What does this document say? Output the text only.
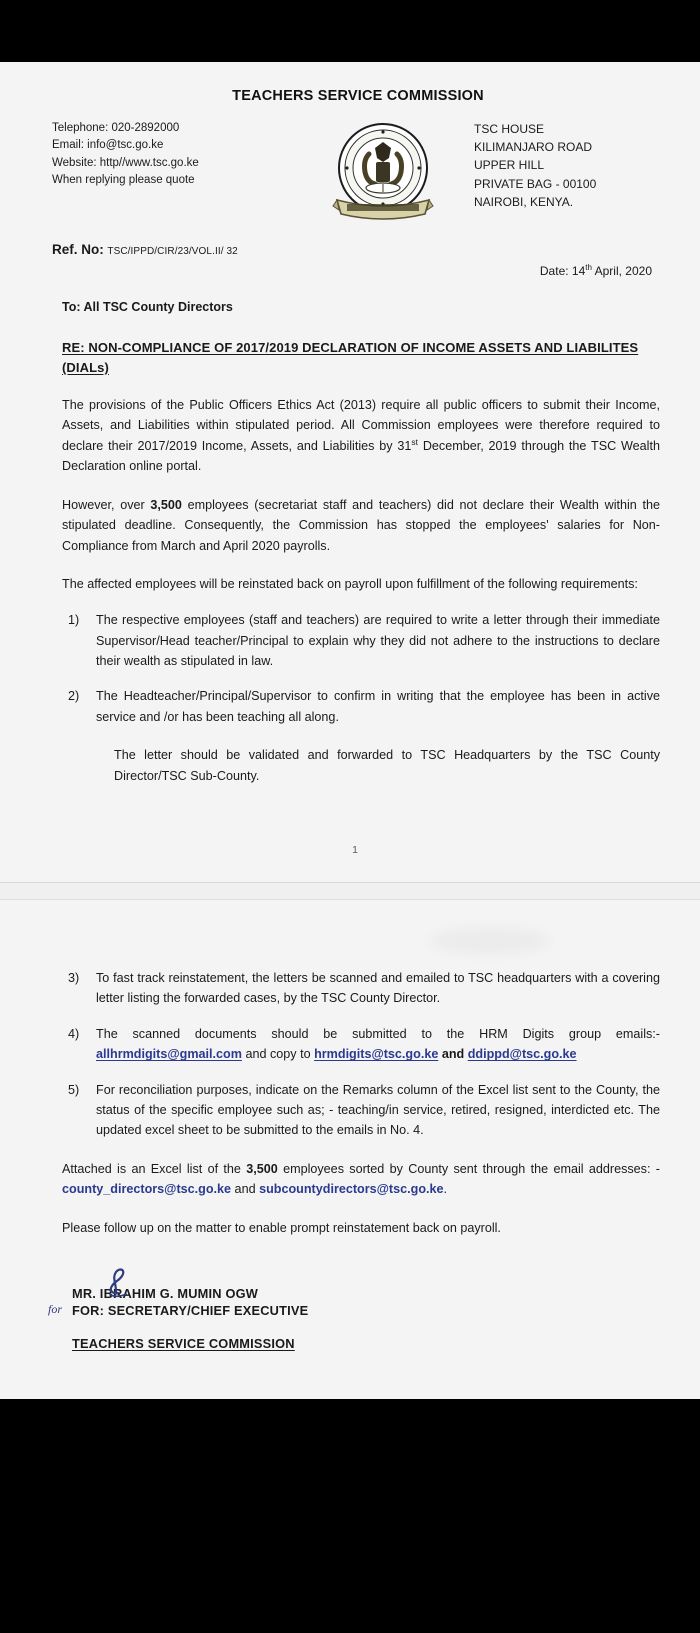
TEACHERS SERVICE COMMISSION
Telephone: 020-2892000
Email: info@tsc.go.ke
Website: http//www.tsc.go.ke
When replying please quote
TSC HOUSE
KILIMANJARO ROAD
UPPER HILL
PRIVATE BAG - 00100
NAIROBI, KENYA.
Ref. No: TSC/IPPD/CIR/23/VOL.II/ 32
Date: 14th April, 2020
To: All TSC County Directors
RE: NON-COMPLIANCE OF 2017/2019 DECLARATION OF INCOME ASSETS AND LIABILITES (DIALs)

The provisions of the Public Officers Ethics Act (2013) require all public officers to submit their Income, Assets, and Liabilities within stipulated period. All Commission employees were therefore required to declare their 2017/2019 Income, Assets, and Liabilities by 31st December, 2019 through the TSC Wealth Declaration online portal.

However, over 3,500 employees (secretariat staff and teachers) did not declare their Wealth within the stipulated deadline. Consequently, the Commission has stopped the employees' salaries for Non-Compliance from March and April 2020 payrolls.

The affected employees will be reinstated back on payroll upon fulfillment of the following requirements:

1) The respective employees (staff and teachers) are required to write a letter through their immediate Supervisor/Head teacher/Principal to explain why they did not adhere to the instructions to declare their wealth as stipulated in law.
2) The Headteacher/Principal/Supervisor to confirm in writing that the employee has been in active service and /or has been teaching all along.

The letter should be validated and forwarded to TSC Headquarters by the TSC County Director/TSC Sub-County.

1
3) To fast track reinstatement, the letters be scanned and emailed to TSC headquarters with a covering letter listing the forwarded cases, by the TSC County Director.
4) The scanned documents should be submitted to the HRM Digits group emails:- allhrmdigits@gmail.com and copy to hrmdigits@tsc.go.ke and ddippd@tsc.go.ke
5) For reconciliation purposes, indicate on the Remarks column of the Excel list sent to the County, the status of the specific employee such as; - teaching/in service, retired, resigned, interdicted etc. The updated excel sheet to be submitted to the emails in No. 4.

Attached is an Excel list of the 3,500 employees sorted by County sent through the email addresses: - county_directors@tsc.go.ke and subcountydirectors@tsc.go.ke.

Please follow up on the matter to enable prompt reinstatement back on payroll.

for

MR. IBRAHIM G. MUMIN OGW

FOR: SECRETARY/CHIEF EXECUTIVE

TEACHERS SERVICE COMMISSION
